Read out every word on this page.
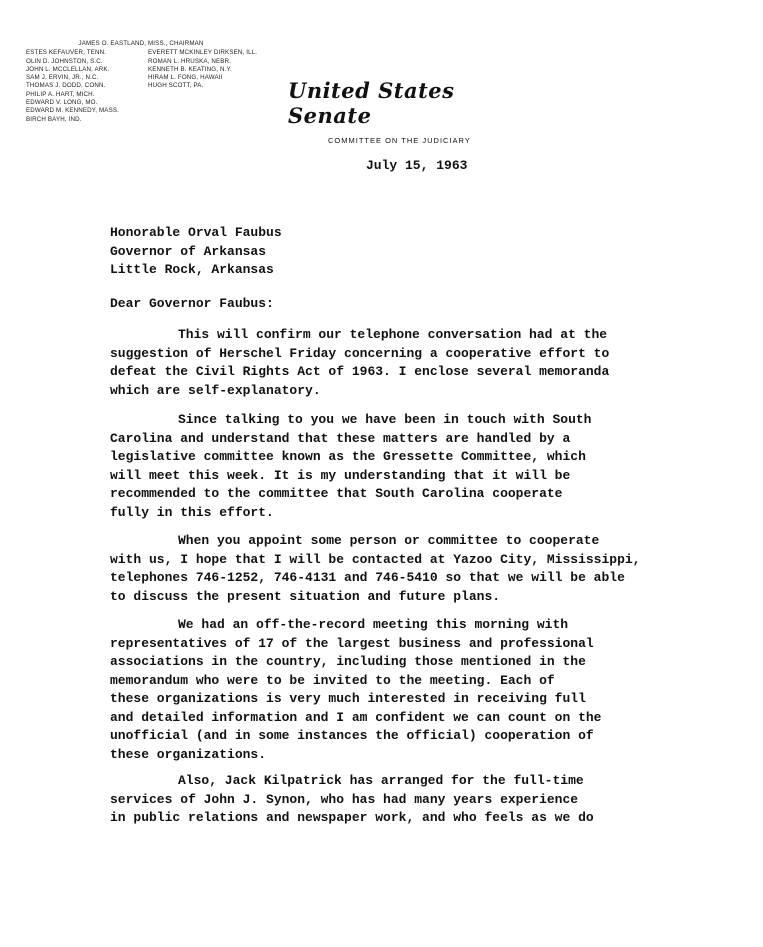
JAMES O. EASTLAND, MISS., CHAIRMAN
ESTES KEFAUVER, TENN.
OLIN D. JOHNSTON, S.C.
JOHN L. MCCLELLAN, ARK.
SAM J. ERVIN, JR., N.C.
THOMAS J. DODD, CONN.
PHILIP A. HART, MICH.
EDWARD V. LONG, MO.
EDWARD M. KENNEDY, MASS.
BIRCH BAYH, IND.
EVERETT MCKINLEY DIRKSEN, ILL.
ROMAN L. HRUSKA, NEBR.
KENNETH B. KEATING, N.Y.
HIRAM L. FONG, HAWAII
HUGH SCOTT, PA.	United States Senate
COMMITTEE ON THE JUDICIARY
July 15, 1963
Honorable Orval Faubus
Governor of Arkansas
Little Rock, Arkansas
Dear Governor Faubus:
This will confirm our telephone conversation had at the
suggestion of Herschel Friday concerning a cooperative effort to
defeat the Civil Rights Act of 1963. I enclose several memoranda
which are self-explanatory.
Since talking to you we have been in touch with South
Carolina and understand that these matters are handled by a
legislative committee known as the Gressette Committee, which
will meet this week. It is my understanding that it will be
recommended to the committee that South Carolina cooperate
fully in this effort.
When you appoint some person or committee to cooperate
with us, I hope that I will be contacted at Yazoo City, Mississippi,
telephones 746-1252, 746-4131 and 746-5410 so that we will be able
to discuss the present situation and future plans.
We had an off-the-record meeting this morning with
representatives of 17 of the largest business and professional
associations in the country, including those mentioned in the
memorandum who were to be invited to the meeting. Each of
these organizations is very much interested in receiving full
and detailed information and I am confident we can count on the
unofficial (and in some instances the official) cooperation of
these organizations.
Also, Jack Kilpatrick has arranged for the full-time
services of John J. Synon, who has had many years experience
in public relations and newspaper work, and who feels as we do
